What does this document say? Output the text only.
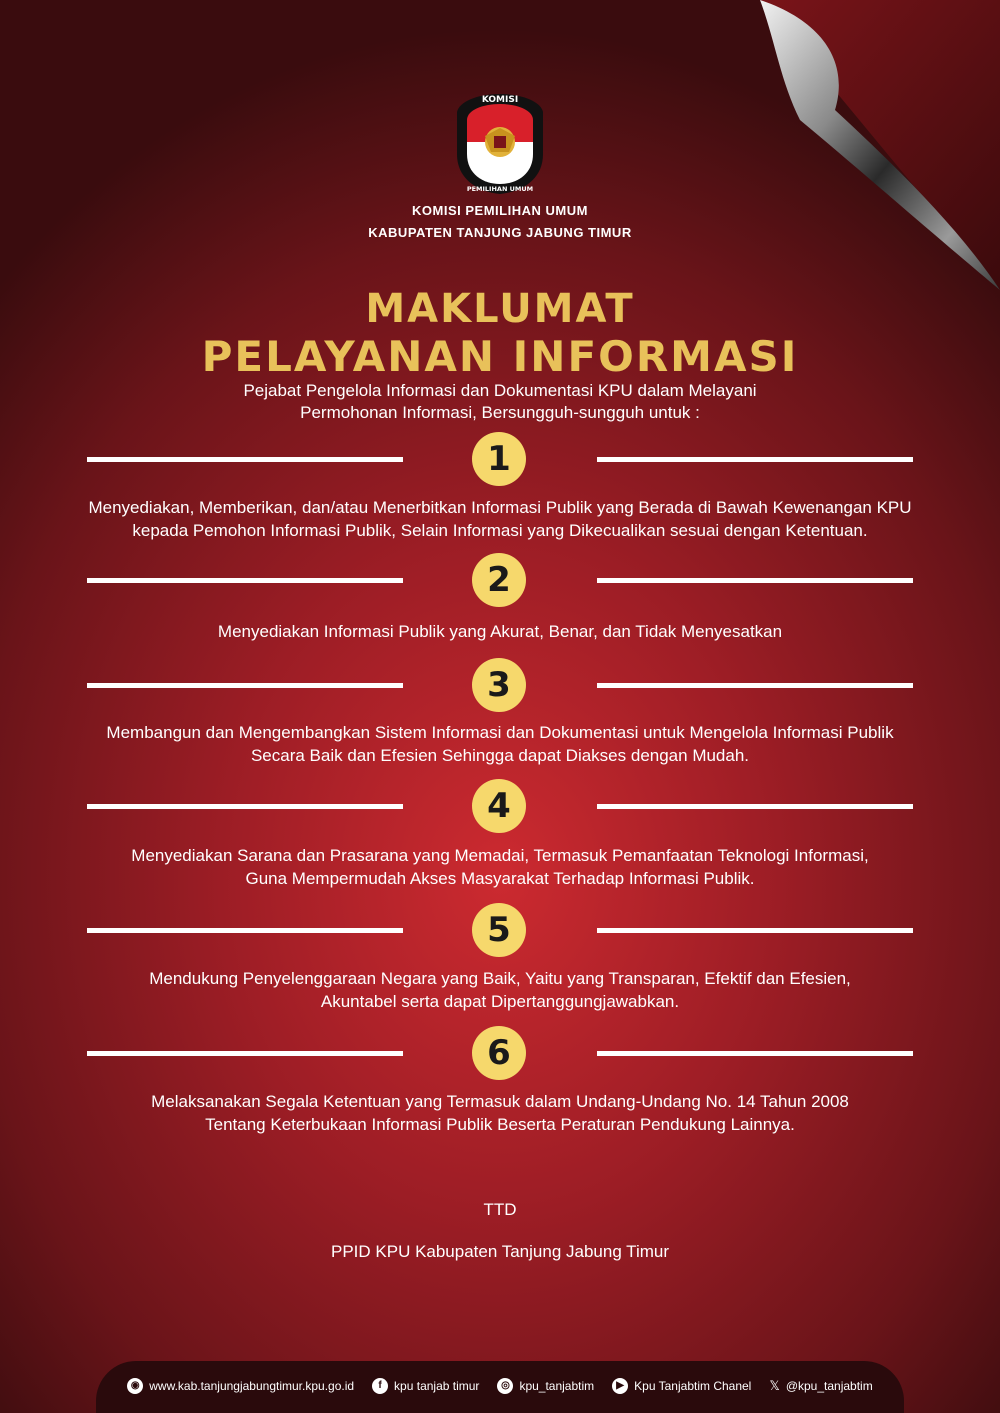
KOMISI
PEMILIHAN UMUM
KOMISI PEMILIHAN UMUM
KABUPATEN TANJUNG JABUNG TIMUR
MAKLUMAT
PELAYANAN INFORMASI
Pejabat Pengelola Informasi dan Dokumentasi KPU dalam Melayani
Permohonan Informasi, Bersungguh-sungguh untuk :
1
Menyediakan, Memberikan, dan/atau Menerbitkan Informasi Publik yang Berada di Bawah Kewenangan KPU
kepada Pemohon Informasi Publik, Selain Informasi yang Dikecualikan sesuai dengan Ketentuan.
2
Menyediakan Informasi Publik yang Akurat, Benar, dan Tidak Menyesatkan
3
Membangun dan Mengembangkan Sistem Informasi dan Dokumentasi untuk Mengelola Informasi Publik
Secara Baik dan Efesien Sehingga dapat Diakses dengan Mudah.
4
Menyediakan Sarana dan Prasarana yang Memadai, Termasuk Pemanfaatan Teknologi Informasi,
Guna Mempermudah Akses Masyarakat Terhadap Informasi Publik.
5
Mendukung Penyelenggaraan Negara yang Baik, Yaitu yang Transparan, Efektif dan Efesien,
Akuntabel serta dapat Dipertanggungjawabkan.
6
Melaksanakan Segala Ketentuan yang Termasuk dalam Undang-Undang No. 14 Tahun 2008
Tentang Keterbukaan Informasi Publik Beserta Peraturan Pendukung Lainnya.
TTD
PPID KPU Kabupaten Tanjung Jabung Timur
◉ www.kab.tanjungjabungtimur.kpu.go.id	f	kpu tanjab timur	◎ kpu_tanjabtim	▶ Kpu Tanjabtim Chanel 𝕏 @kpu_tanjabtim
